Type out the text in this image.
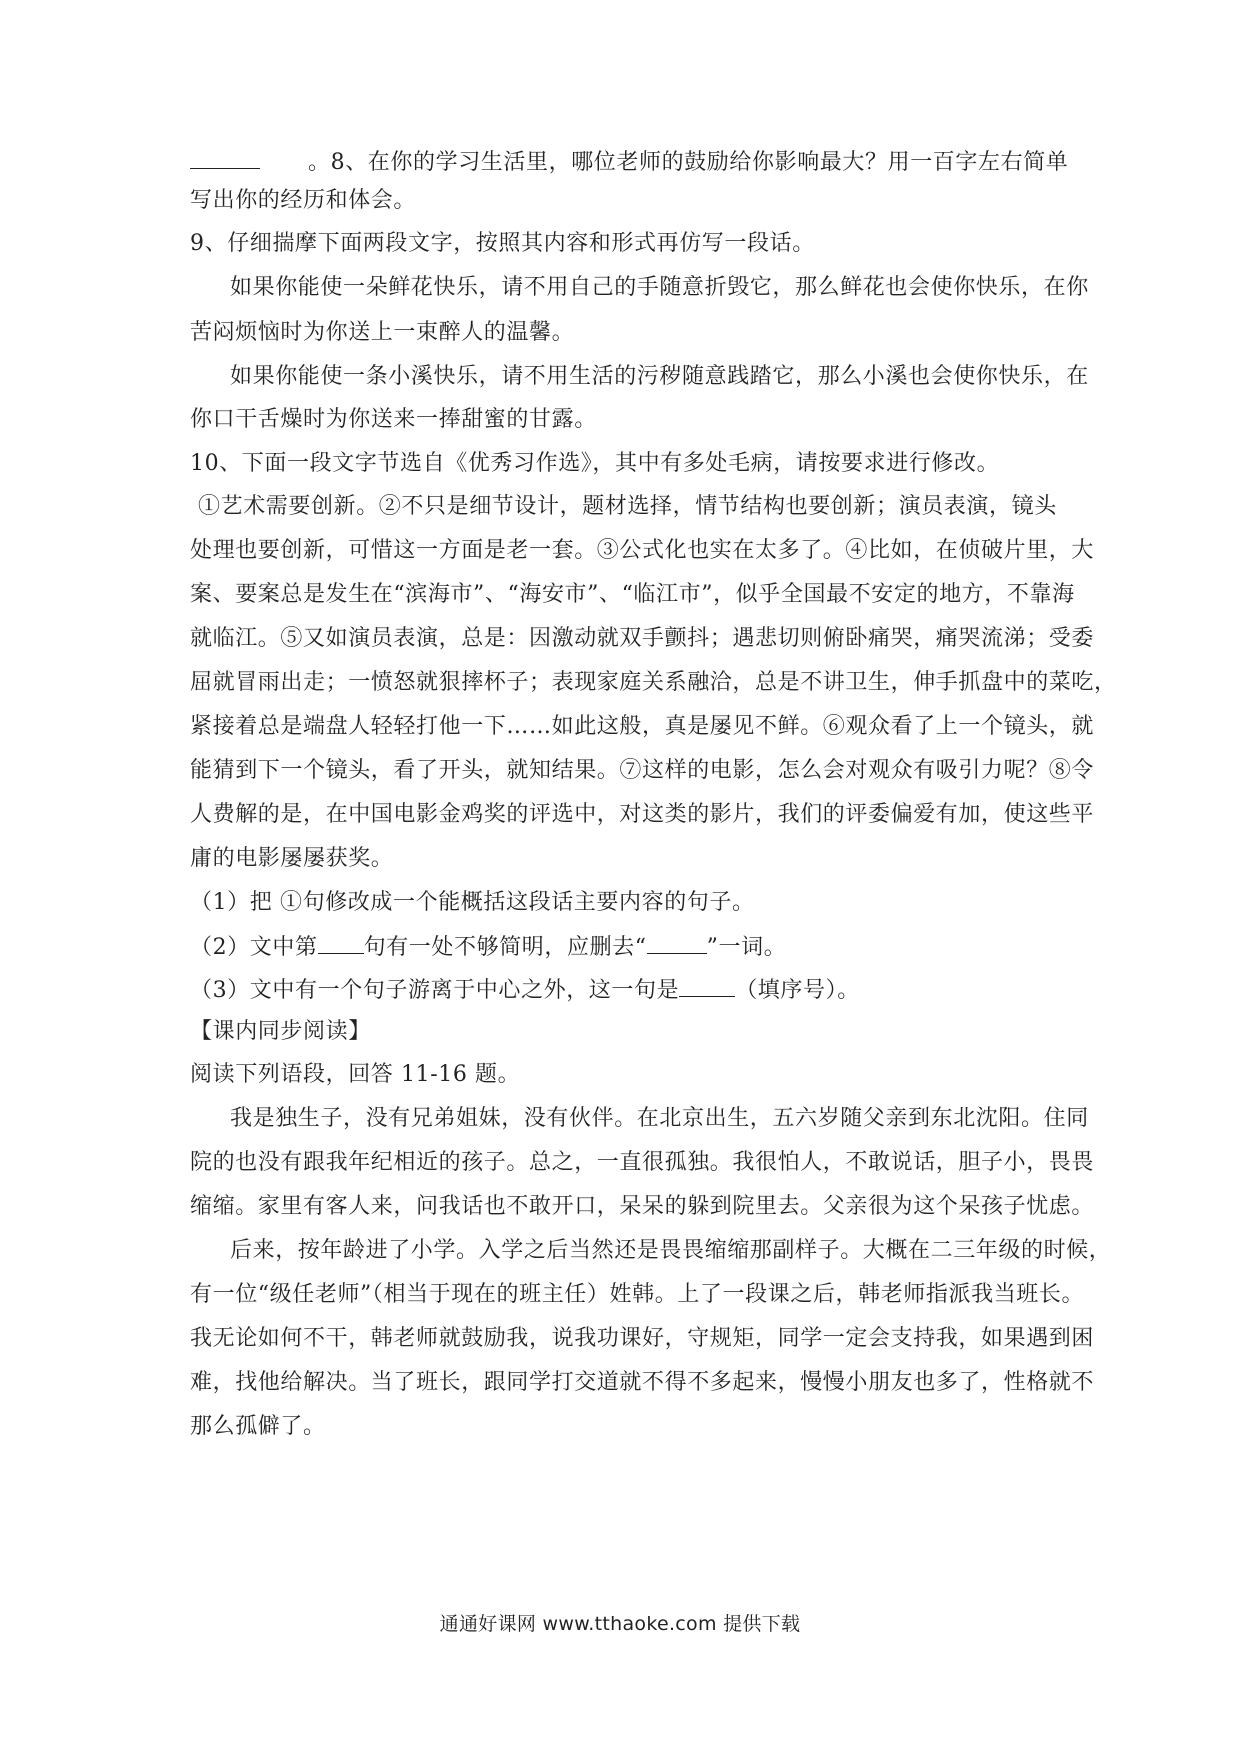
。8、在你的学习生活里，哪位老师的鼓励给你影响最大？用一百字左右简单
写出你的经历和体会。
9、仔细揣摩下面两段文字，按照其内容和形式再仿写一段话。
如果你能使一朵鲜花快乐，请不用自己的手随意折毁它，那么鲜花也会使你快乐，在你
苦闷烦恼时为你送上一束醉人的温馨。
如果你能使一条小溪快乐，请不用生活的污秽随意践踏它，那么小溪也会使你快乐，在
你口干舌燥时为你送来一捧甜蜜的甘露。
10、下面一段文字节选自《优秀习作选》，其中有多处毛病，请按要求进行修改。
①艺术需要创新。②不只是细节设计，题材选择，情节结构也要创新；演员表演，镜头
处理也要创新，可惜这一方面是老一套。③公式化也实在太多了。④比如，在侦破片里，大
案、要案总是发生在“滨海市”、“海安市”、“临江市”，似乎全国最不安定的地方，不靠海
就临江。⑤又如演员表演，总是：因激动就双手颤抖；遇悲切则俯卧痛哭，痛哭流涕；受委
屈就冒雨出走；一愤怒就狠摔杯子；表现家庭关系融洽，总是不讲卫生，伸手抓盘中的菜吃，
紧接着总是端盘人轻轻打他一下……如此这般，真是屡见不鲜。⑥观众看了上一个镜头，就
能猜到下一个镜头，看了开头，就知结果。⑦这样的电影，怎么会对观众有吸引力呢？⑧令
人费解的是，在中国电影金鸡奖的评选中，对这类的影片，我们的评委偏爱有加，使这些平
庸的电影屡屡获奖。
（1）把 ①句修改成一个能概括这段话主要内容的句子。
（2）文中第 句有一处不够简明，应删去“	”一词。
（3）文中有一个句子游离于中心之外，这一句是	（填序号）。
【课内同步阅读】
阅读下列语段，回答 11-16 题。
我是独生子，没有兄弟姐妹，没有伙伴。在北京出生，五六岁随父亲到东北沈阳。住同
院的也没有跟我年纪相近的孩子。总之，一直很孤独。我很怕人，不敢说话，胆子小，畏畏
缩缩。家里有客人来，问我话也不敢开口，呆呆的躲到院里去。父亲很为这个呆孩子忧虑。
后来，按年龄进了小学。入学之后当然还是畏畏缩缩那副样子。大概在二三年级的时候，
有一位“级任老师”（相当于现在的班主任）姓韩。上了一段课之后，韩老师指派我当班长。
我无论如何不干，韩老师就鼓励我，说我功课好，守规矩，同学一定会支持我，如果遇到困
难，找他给解决。当了班长，跟同学打交道就不得不多起来，慢慢小朋友也多了，性格就不
那么孤僻了。
通通好课网 www.tthaoke.com 提供下载
